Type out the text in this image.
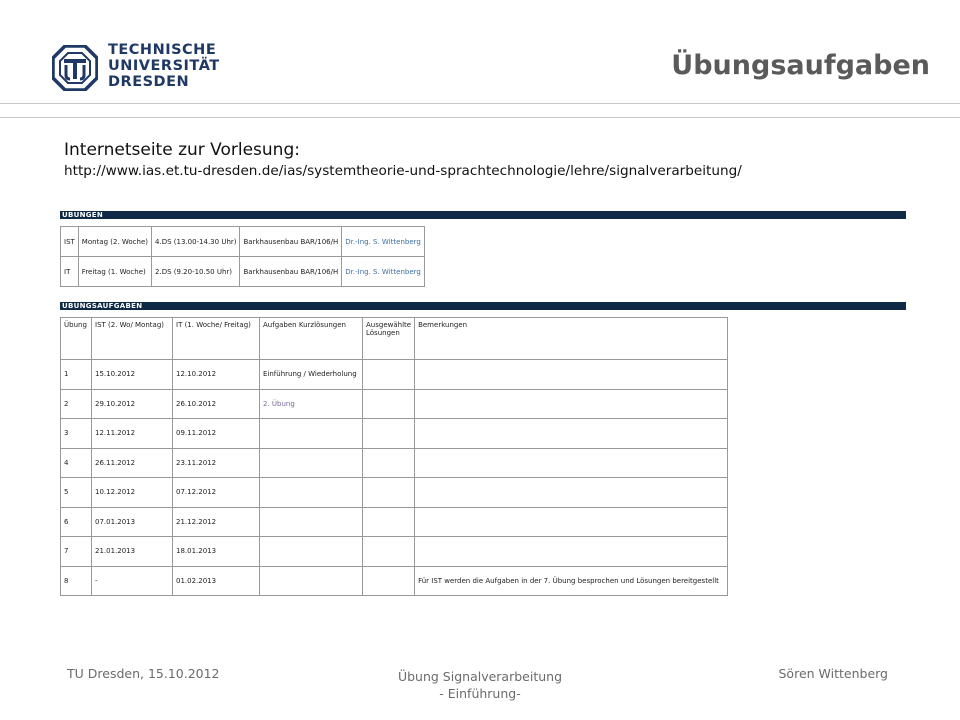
TECHNISCHE
UNIVERSITÄT
DRESDEN
Übungsaufgaben
Internetseite zur Vorlesung:
http://www.ias.et.tu-dresden.de/ias/systemtheorie-und-sprachtechnologie/lehre/signalverarbeitung/
ÜBUNGEN
IST	Montag (2. Woche)	4.DS (13.00-14.30 Uhr)	Barkhausenbau BAR/106/H	Dr.-Ing. S. Wittenberg
IT	Freitag (1. Woche)	2.DS (9.20-10.50 Uhr)	Barkhausenbau BAR/106/H	Dr.-Ing. S. Wittenberg
ÜBUNGSAUFGABEN
Übung	IST (2. Wo/ Montag)	IT (1. Woche/ Freitag)	Aufgaben Kurzlösungen	Ausgewählte Lösungen	Bemerkungen
1	15.10.2012	12.10.2012	Einführung / Wiederholung		
2	29.10.2012	26.10.2012	2. Übung		
3	12.11.2012	09.11.2012			
4	26.11.2012	23.11.2012			
5	10.12.2012	07.12.2012			
6	07.01.2013	21.12.2012			
7	21.01.2013	18.01.2013			
8	-	01.02.2013			Für IST werden die Aufgaben in der 7. Übung besprochen und Lösungen bereitgestellt
TU Dresden, 15.10.2012	Übung Signalverarbeitung
- Einführung-
Sören Wittenberg
